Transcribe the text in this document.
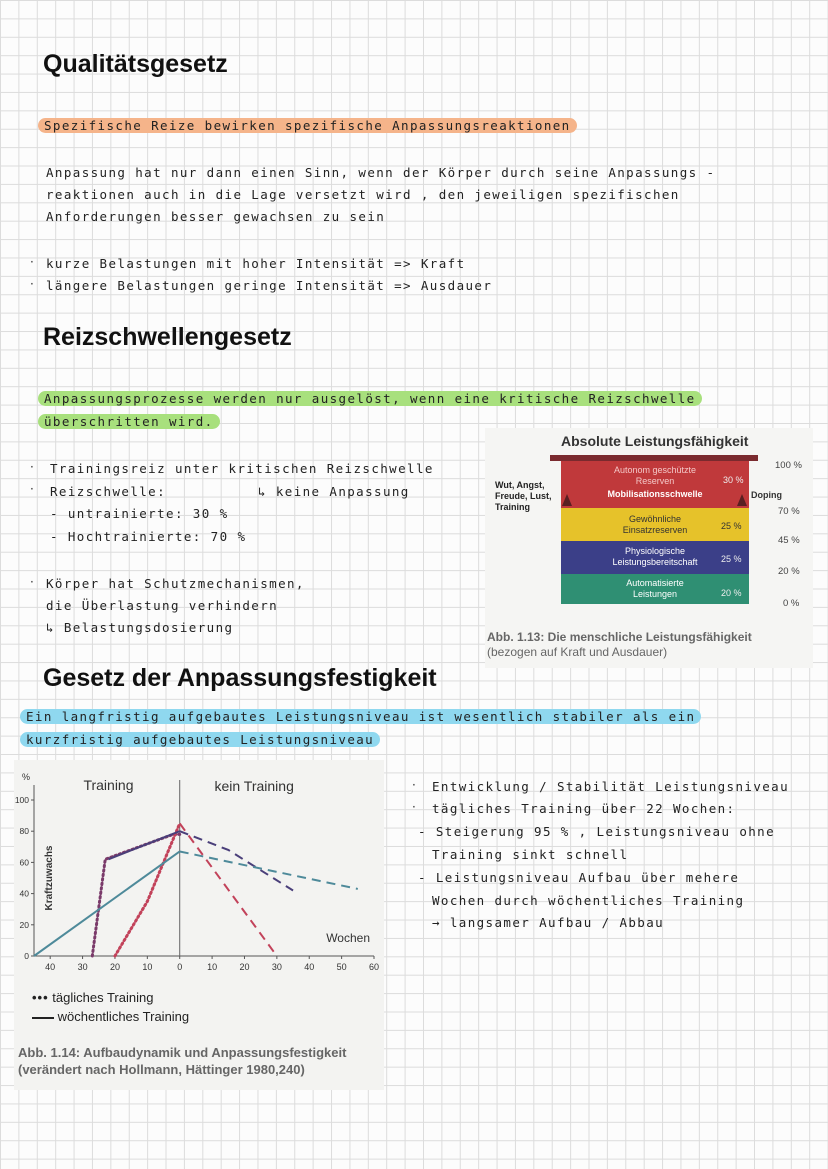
Qualitätsgesetz
Spezifische Reize bewirken spezifische Anpassungsreaktionen
Anpassung hat nur dann einen Sinn, wenn der Körper durch seine Anpassungs -
reaktionen auch in die Lage versetzt wird , den jeweiligen spezifischen
Anforderungen besser gewachsen zu sein
· kurze Belastungen mit hoher Intensität => Kraft
· längere Belastungen geringe Intensität => Ausdauer
Reizschwellengesetz
Anpassungsprozesse werden nur ausgelöst, wenn eine kritische Reizschwelle
überschritten wird.
· Trainingsreiz unter kritischen Reizschwelle
· Reizschwelle:	↳ keine Anpassung
- untrainierte: 30 %
- Hochtrainierte: 70 %
· Körper hat Schutzmechanismen,
die Überlastung verhindern
↳ Belastungsdosierung
Absolute Leistungsfähigkeit
Wut, Angst,
Freude, Lust,
Training
Autonom geschützte
Reserven
Mobilisationsschwelle
30 %
Gewöhnliche
Einsatzreserven	25 %
Physiologische
Leistungsbereitschaft	25 %
Automatisierte
Leistungen	20 %
Doping
100 %
70 %
45 %
20 %
0 %
Abb. 1.13: Die menschliche Leistungsfähigkeit
(bezogen auf Kraft und Ausdauer)
Gesetz der Anpassungsfestigkeit
Ein langfristig aufgebautes Leistungsniveau ist wesentlich stabiler als ein
kurzfristig aufgebautes Leistungsniveau
0
20
40
60
80
100
%
40 30 20 10	0	10 20 30 40 50 60
Training	kein Training
Wochen
Kraftzuwachs
••• tägliches Training
wöchentliches Training
Abb. 1.14: Aufbaudynamik und Anpassungsfestigkeit
(verändert nach Hollmann, Hättinger 1980,240)
· Entwicklung / Stabilität Leistungsniveau
· tägliches Training über 22 Wochen:
- Steigerung 95 % , Leistungsniveau ohne
Training sinkt schnell
- Leistungsniveau Aufbau über mehere
Wochen durch wöchentliches Training
→ langsamer Aufbau / Abbau
